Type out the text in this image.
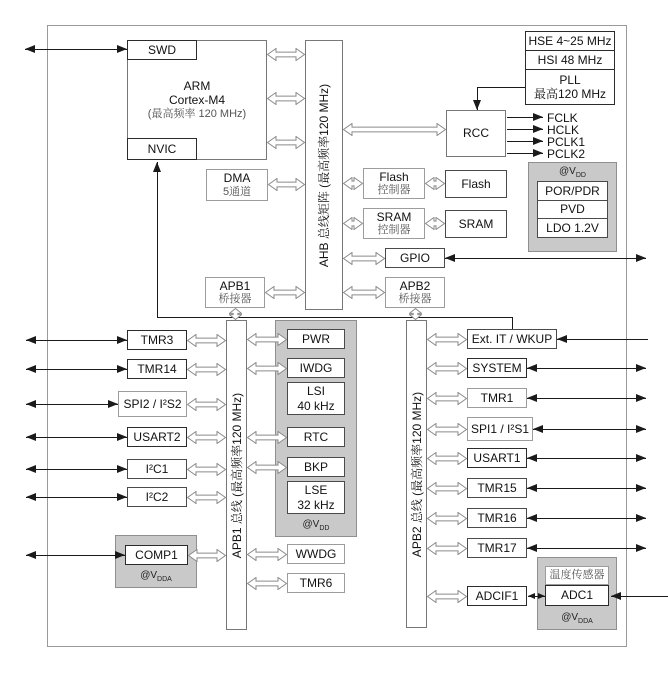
ARM
Cortex-M4
(最高频率 120 MHz)
SWD
NVIC
DMA
5通道	AHB 总线矩阵 (最高频率120 MHz)
HSE 4~25 MHz
HSI 48 MHz
PLL
最高120 MHz
RCC
FCLK
HCLK
PCLK1
PCLK2
$@V_{DD}$
POR/PDR
PVD
LDO 1.2V
Flash
控制器	Flash
SRAM
控制器	SRAM
GPIO
APB2
桥接器
APB1
桥接器
APB1 总线 (最高频率120 MHz)	APB2 总线 (最高频率120 MHz)
TMR3
TMR14
SPI2 / I²S2
USART2
I²C1
I²C2
COMP1
$@V_{DDA}$
PWR
IWDG
LSI
40 kHz
RTC
BKP
LSE
32 kHz
$@V_{DD}$
WWDG
TMR6
Ext. IT / WKUP
SYSTEM
TMR1
SPI1 / I²S1
USART1
TMR15
TMR16
TMR17
ADCIF1
温度传感器
ADC1
$@V_{DDA}$
